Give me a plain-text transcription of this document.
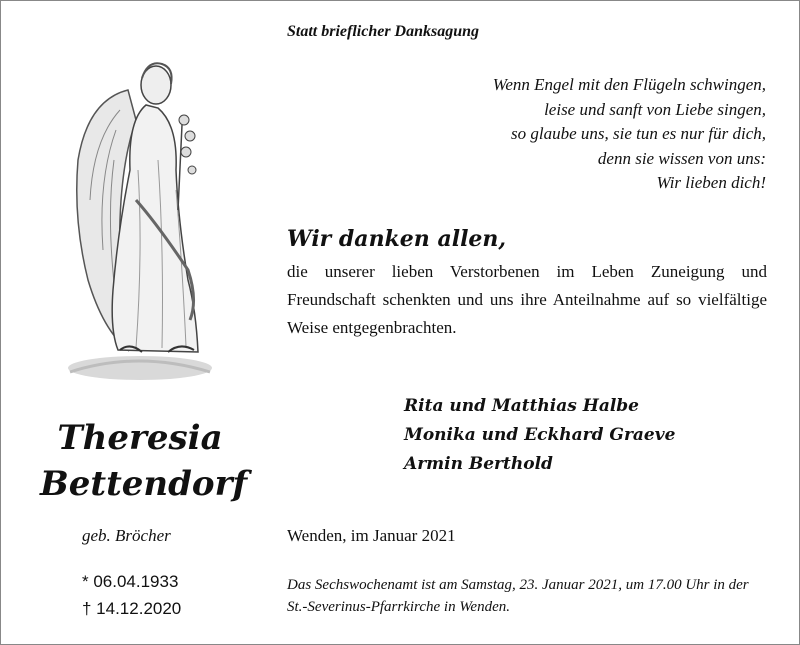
Theresia
Bettendorf
geb. Bröcher
* 06.04.1933
† 14.12.2020
Statt brieflicher Danksagung
Wenn Engel mit den Flügeln schwingen,
leise und sanft von Liebe singen,
so glaube uns, sie tun es nur für dich,
denn sie wissen von uns:
Wir lieben dich!
Wir danken allen,
die unserer lieben Verstorbenen im Leben Zuneigung und Freundschaft schenkten und uns ihre Anteilnahme auf so vielfältige Weise entgegenbrachten.
Rita und Matthias Halbe
Monika und Eckhard Graeve
Armin Berthold
Wenden, im Januar 2021
Das Sechswochenamt ist am Samstag, 23. Januar 2021, um 17.00 Uhr in der St.-Severinus-Pfarrkirche in Wenden.
